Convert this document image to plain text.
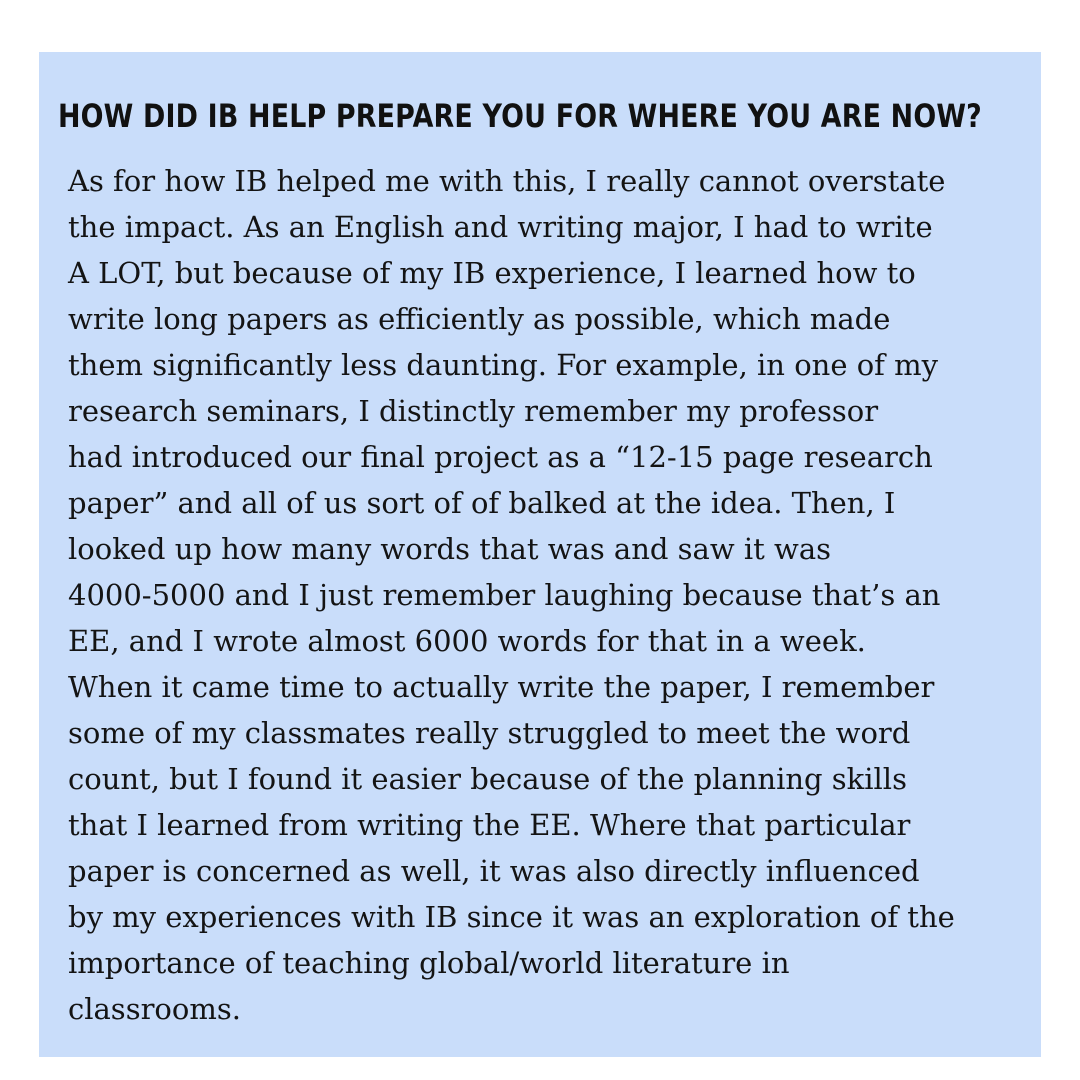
HOW DID IB HELP PREPARE YOU FOR WHERE YOU ARE NOW?
As for how IB helped me with this, I really cannot overstate
the impact. As an English and writing major, I had to write
A LOT, but because of my IB experience, I learned how to
write long papers as efficiently as possible, which made
them significantly less daunting. For example, in one of my
research seminars, I distinctly remember my professor
had introduced our final project as a “12-15 page research
paper” and all of us sort of of balked at the idea. Then, I
looked up how many words that was and saw it was
4000-5000 and I just remember laughing because that’s an
EE, and I wrote almost 6000 words for that in a week.
When it came time to actually write the paper, I remember
some of my classmates really struggled to meet the word
count, but I found it easier because of the planning skills
that I learned from writing the EE. Where that particular
paper is concerned as well, it was also directly influenced
by my experiences with IB since it was an exploration of the
importance of teaching global/world literature in
classrooms.
